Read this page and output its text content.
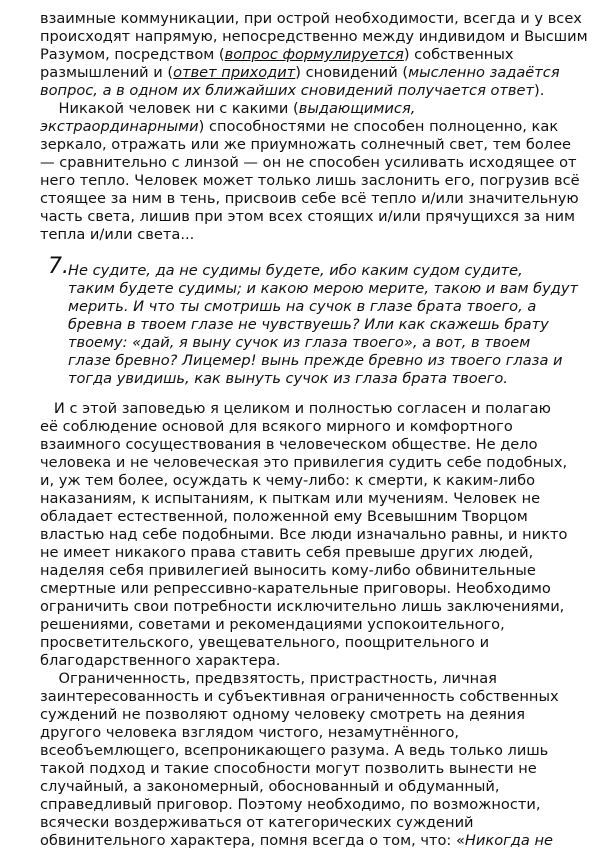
взаимные коммуникации, при острой необходимости, всегда и у всех
происходят напрямую, непосредственно между индивидом и Высшим
Разумом, посредством (вопрос формулируется) собственных
размышлений и (ответ приходит) сновидений (мысленно задаётся
вопрос, а в одном их ближайших сновидений получается ответ).
Никакой человек ни с какими (выдающимися,
экстраординарными) способностями не способен полноценно, как
зеркало, отражать или же приумножать солнечный свет, тем более
— сравнительно с линзой — он не способен усиливать исходящее от
него тепло. Человек может только лишь заслонить его, погрузив всё
стоящее за ним в тень, присвоив себе всё тепло и/или значительную
часть света, лишив при этом всех стоящих и/или прячущихся за ним
тепла и/или света...
7. Не судите, да не судимы будете, ибо каким судом судите,
таким будете судимы; и какою мерою мерите, такою и вам будут
мерить. И что ты смотришь на сучок в глазе брата твоего, а
бревна в твоем глазе не чувствуешь? Или как скажешь брату
твоему: «дай, я выну сучок из глаза твоего», а вот, в твоем
глазе бревно? Лицемер! вынь прежде бревно из твоего глаза и
тогда увидишь, как вынуть сучок из глаза брата твоего.
И с этой заповедью я целиком и полностью согласен и полагаю
её соблюдение основой для всякого мирного и комфортного
взаимного сосуществования в человеческом обществе. Не дело
человека и не человеческая это привилегия судить себе подобных,
и, уж тем более, осуждать к чему-либо: к смерти, к каким-либо
наказаниям, к испытаниям, к пыткам или мучениям. Человек не
обладает естественной, положенной ему Всевышним Творцом
властью над себе подобными. Все люди изначально равны, и никто
не имеет никакого права ставить себя превыше других людей,
наделяя себя привилегией выносить кому-либо обвинительные
смертные или репрессивно-карательные приговоры. Необходимо
ограничить свои потребности исключительно лишь заключениями,
решениями, советами и рекомендациями успокоительного,
просветительского, увещевательного, поощрительного и
благодарственного характера.
Ограниченность, предвзятость, пристрастность, личная
заинтересованность и субъективная ограниченность собственных
суждений не позволяют одному человеку смотреть на деяния
другого человека взглядом чистого, незамутнённого,
всеобъемлющего, всепроникающего разума. А ведь только лишь
такой подход и такие способности могут позволить вынести не
случайный, а закономерный, обоснованный и обдуманный,
справедливый приговор. Поэтому необходимо, по возможности,
всячески воздерживаться от категорических суждений
обвинительного характера, помня всегда о том, что: «Никогда не
